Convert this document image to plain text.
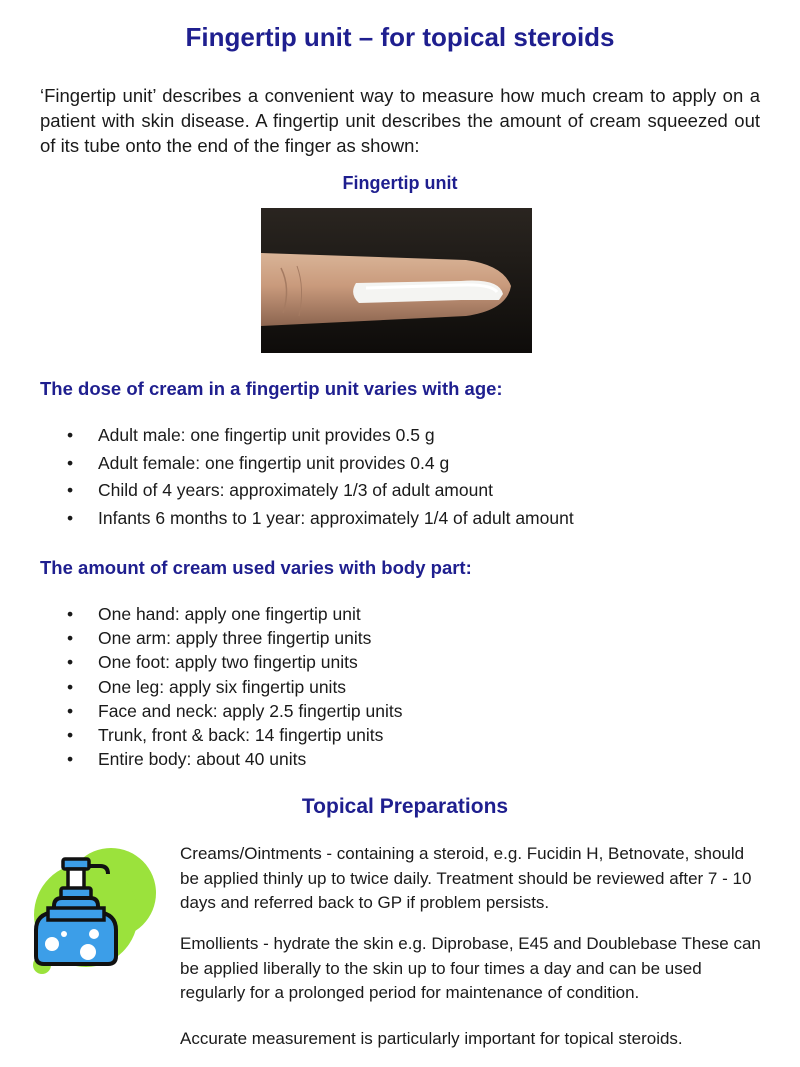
Fingertip unit – for topical steroids

‘Fingertip unit’ describes a convenient way to measure how much cream to apply on a patient with skin disease. A fingertip unit describes the amount of cream squeezed out of its tube onto the end of the finger as shown:

Fingertip unit
The dose of cream in a fingertip unit varies with age:
• Adult male: one fingertip unit provides 0.5 g
• Adult female: one fingertip unit provides 0.4 g
• Child of 4 years: approximately 1/3 of adult amount
• Infants 6 months to 1 year: approximately 1/4 of adult amount
The amount of cream used varies with body part:
• One hand: apply one fingertip unit
• One arm: apply three fingertip units
• One foot: apply two fingertip units
• One leg: apply six fingertip units
• Face and neck: apply 2.5 fingertip units
• Trunk, front & back: 14 fingertip units
• Entire body: about 40 units
Topical Preparations

Creams/Ointments - containing a steroid, e.g. Fucidin H, Betnovate, should be applied thinly up to twice daily. Treatment should be reviewed after 7 - 10 days and referred back to GP if problem persists.

Emollients - hydrate the skin e.g. Diprobase, E45 and Doublebase These can be applied liberally to the skin up to four times a day and can be used regularly for a prolonged period for maintenance of condition.

Accurate measurement is particularly important for topical steroids.
